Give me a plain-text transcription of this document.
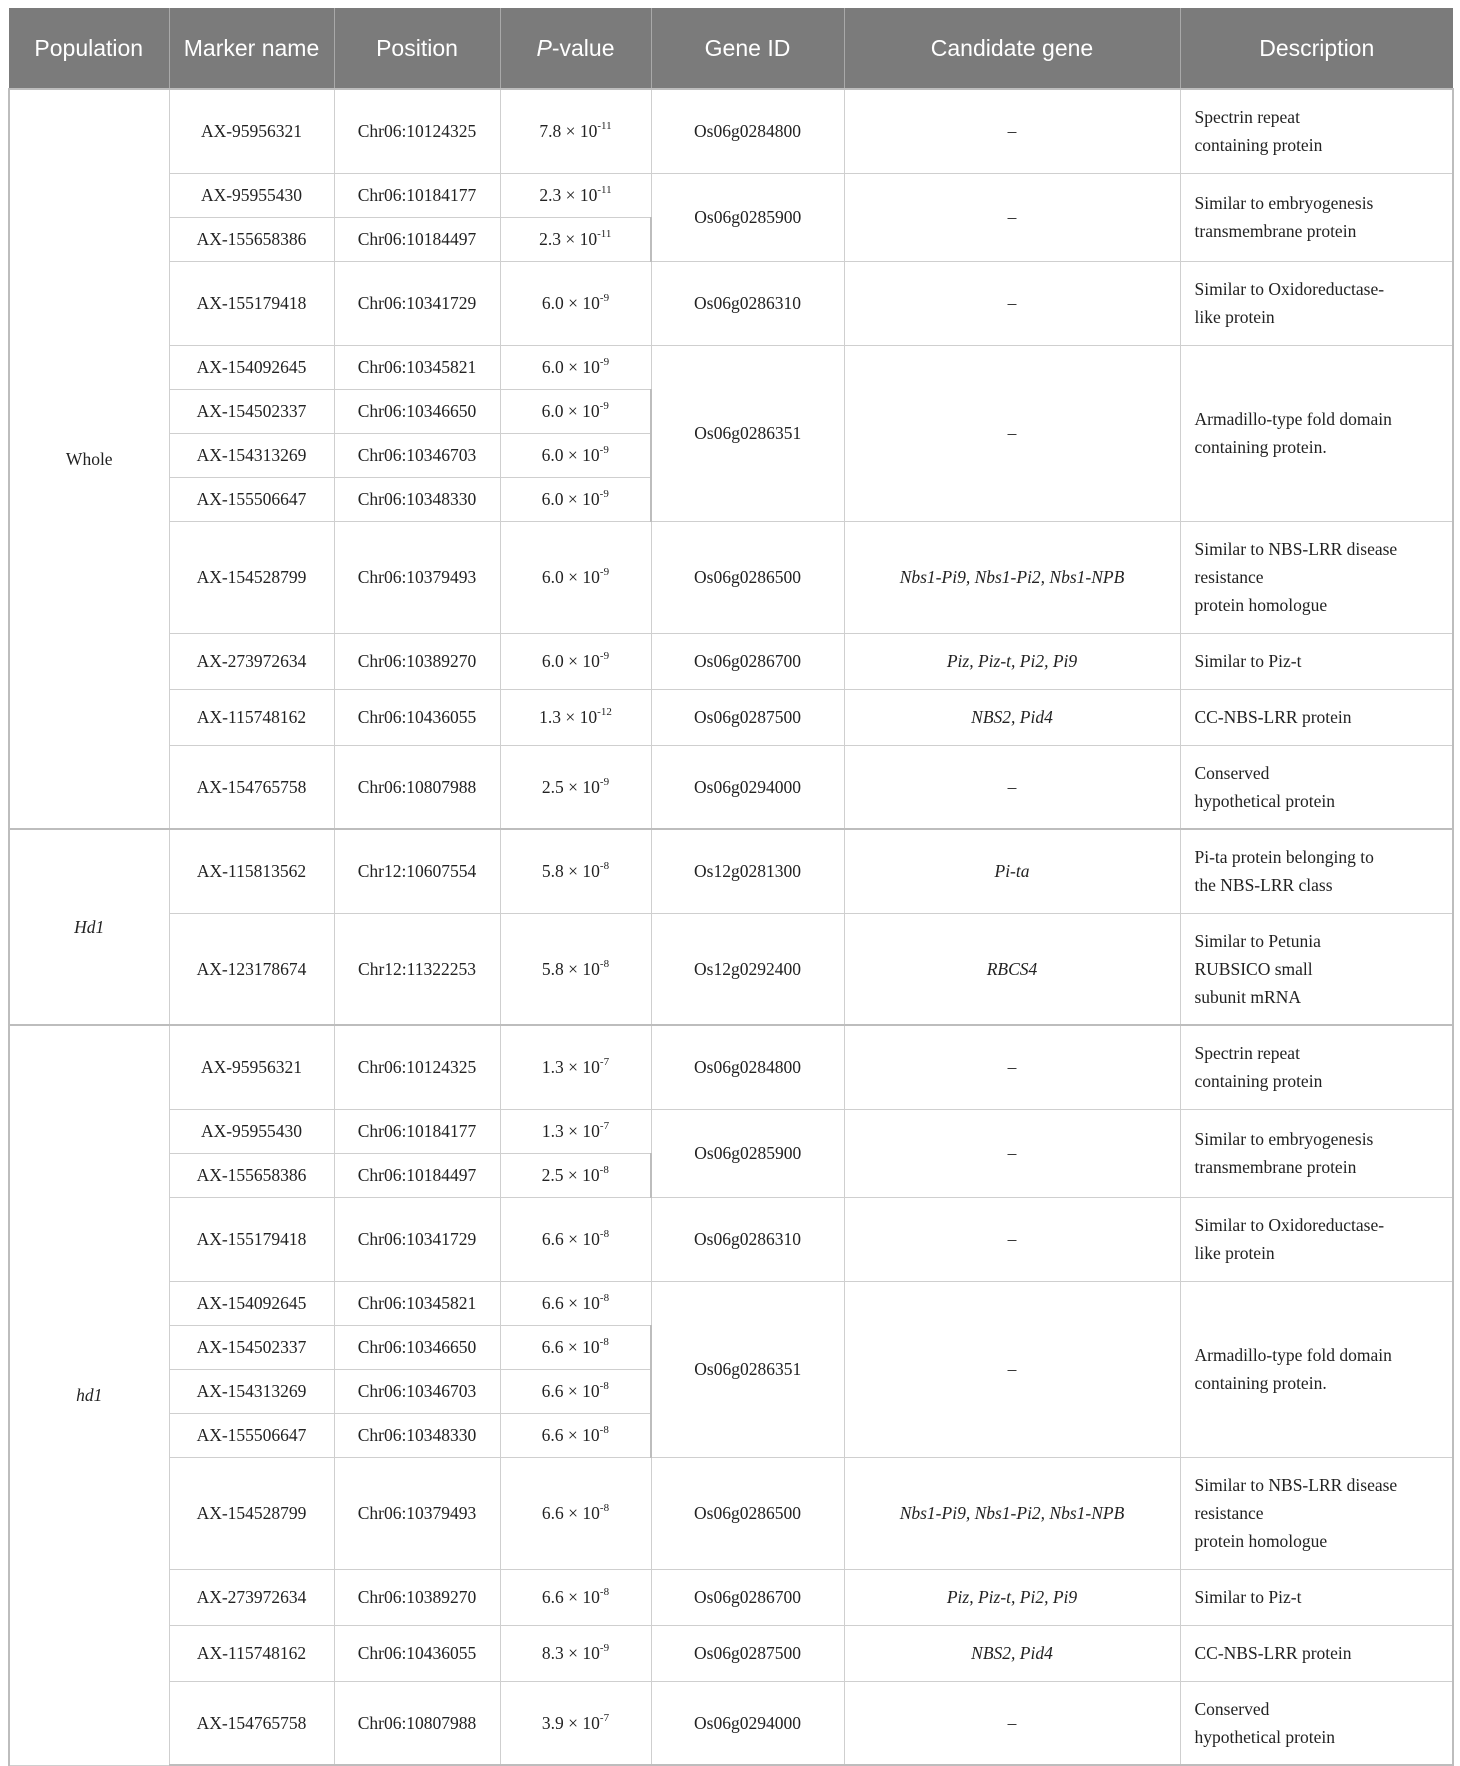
Population	Marker name	Position	P-value	Gene ID	Candidate gene	Description
Whole	AX-95956321	Chr06:10124325	$7.8 \times 10^{-11}$	Os06g0284800	–	Spectrin repeat
containing protein

	AX-95955430	Chr06:10184177	$2.3 \times 10^{-11}$	Os06g0285900	–	Similar to embryogenesis
transmembrane protein

	AX-155658386	Chr06:10184497	$2.3 \times 10^{-11}$
	AX-155179418	Chr06:10341729	$6.0 \times 10^{-9}$	Os06g0286310	–	Similar to Oxidoreductase-
like protein

	AX-154092645	Chr06:10345821	$6.0 \times 10^{-9}$	Os06g0286351	–	Armadillo-type fold domain
containing protein.

	AX-154502337	Chr06:10346650	$6.0 \times 10^{-9}$
	AX-154313269	Chr06:10346703	$6.0 \times 10^{-9}$
	AX-155506647	Chr06:10348330	$6.0 \times 10^{-9}$
	AX-154528799	Chr06:10379493	$6.0 \times 10^{-9}$	Os06g0286500	Nbs1-Pi9, Nbs1-Pi2, Nbs1-NPB	Similar to NBS-LRR disease
resistance
protein homologue

	AX-273972634	Chr06:10389270	$6.0 \times 10^{-9}$	Os06g0286700	Piz, Piz-t, Pi2, Pi9	Similar to Piz-t

	AX-115748162	Chr06:10436055	$1.3 \times 10^{-12}$	Os06g0287500	NBS2, Pid4	CC-NBS-LRR protein

	AX-154765758	Chr06:10807988	$2.5 \times 10^{-9}$	Os06g0294000	–	Conserved
hypothetical protein

Hd1	AX-115813562	Chr12:10607554	$5.8 \times 10^{-8}$	Os12g0281300	Pi-ta	Pi-ta protein belonging to
the NBS-LRR class

	AX-123178674	Chr12:11322253	$5.8 \times 10^{-8}$	Os12g0292400	RBCS4	Similar to Petunia
RUBSICO small
subunit mRNA

hd1	AX-95956321	Chr06:10124325	$1.3 \times 10^{-7}$	Os06g0284800	–	Spectrin repeat
containing protein

	AX-95955430	Chr06:10184177	$1.3 \times 10^{-7}$	Os06g0285900	–	Similar to embryogenesis
transmembrane protein

	AX-155658386	Chr06:10184497	$2.5 \times 10^{-8}$
	AX-155179418	Chr06:10341729	$6.6 \times 10^{-8}$	Os06g0286310	–	Similar to Oxidoreductase-
like protein

	AX-154092645	Chr06:10345821	$6.6 \times 10^{-8}$	Os06g0286351	–	Armadillo-type fold domain
containing protein.

	AX-154502337	Chr06:10346650	$6.6 \times 10^{-8}$
	AX-154313269	Chr06:10346703	$6.6 \times 10^{-8}$
	AX-155506647	Chr06:10348330	$6.6 \times 10^{-8}$
	AX-154528799	Chr06:10379493	$6.6 \times 10^{-8}$	Os06g0286500	Nbs1-Pi9, Nbs1-Pi2, Nbs1-NPB	Similar to NBS-LRR disease
resistance
protein homologue

	AX-273972634	Chr06:10389270	$6.6 \times 10^{-8}$	Os06g0286700	Piz, Piz-t, Pi2, Pi9	Similar to Piz-t

	AX-115748162	Chr06:10436055	$8.3 \times 10^{-9}$	Os06g0287500	NBS2, Pid4	CC-NBS-LRR protein

	AX-154765758	Chr06:10807988	$3.9 \times 10^{-7}$	Os06g0294000	–	Conserved
hypothetical protein
